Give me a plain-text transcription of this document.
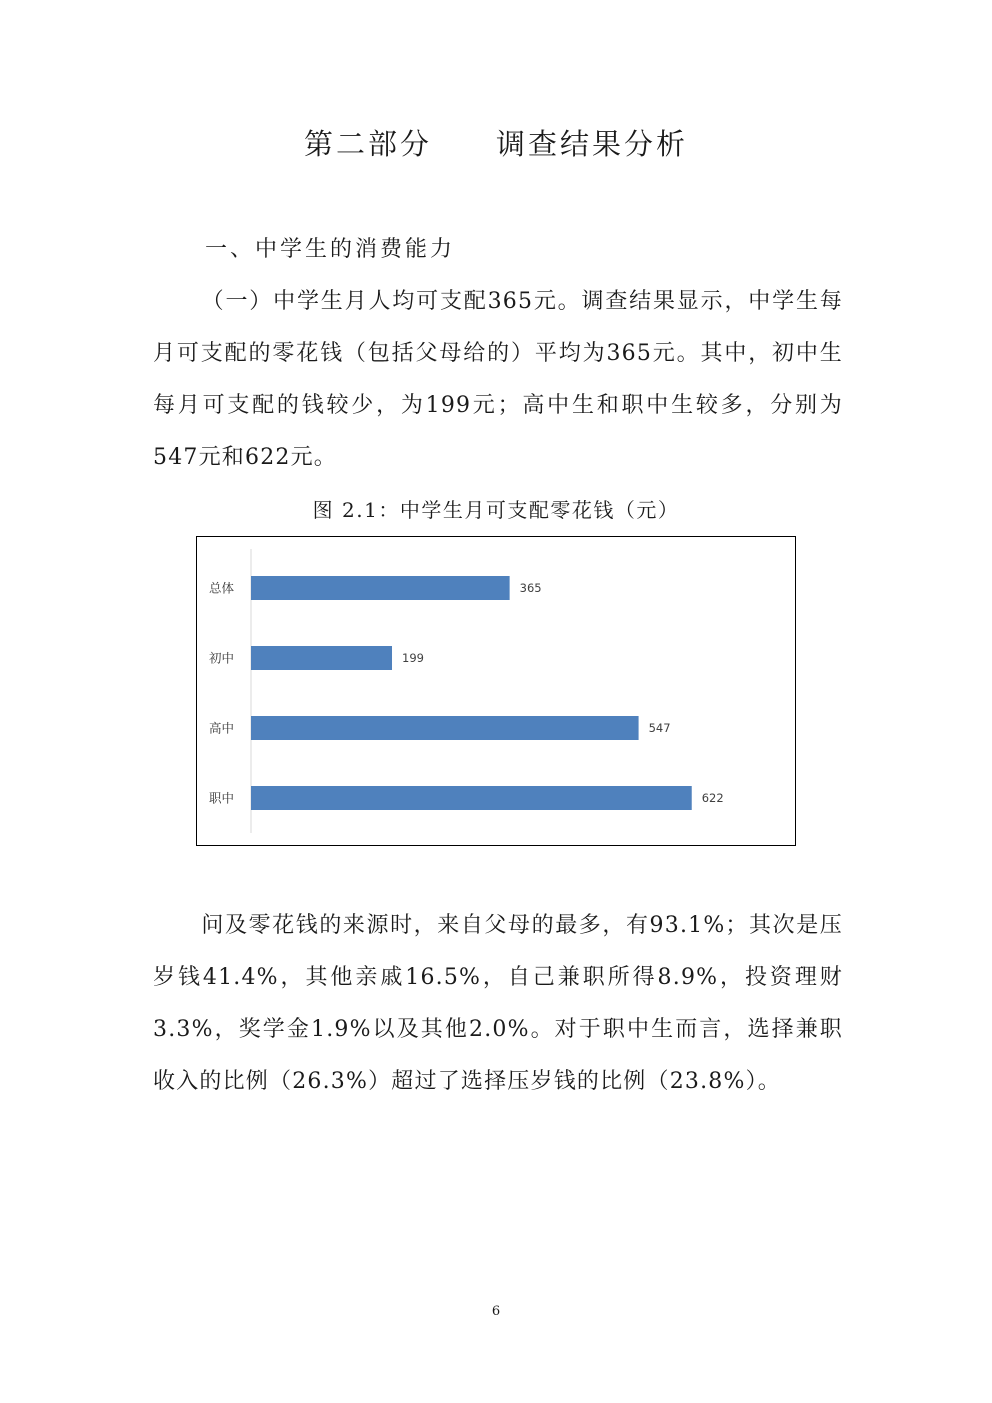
第二部分　　调查结果分析
一、中学生的消费能力
（一）中学生月人均可支配365元。调查结果显示，中学生每月可支配的零花钱（包括父母给的）平均为365元。其中，初中生每月可支配的钱较少，为199元；高中生和职中生较多，分别为547元和622元。
图 2.1：中学生月可支配零花钱（元）
总体	365
初中	199
高中	547
职中	622
问及零花钱的来源时，来自父母的最多，有93.1%；其次是压岁钱41.4%，其他亲戚16.5%，自己兼职所得8.9%，投资理财3.3%，奖学金1.9%以及其他2.0%。对于职中生而言，选择兼职收入的比例（26.3%）超过了选择压岁钱的比例（23.8%）。
6
